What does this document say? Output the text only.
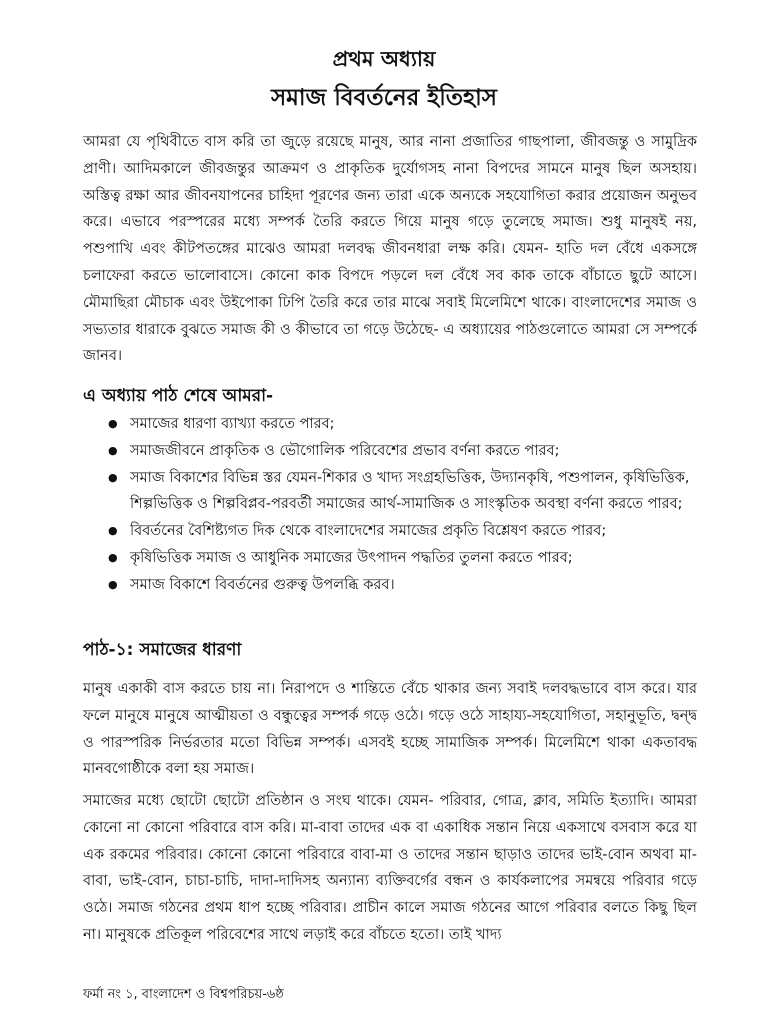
প্রথম অধ্যায়
সমাজ বিবর্তনের ইতিহাস

আমরা যে পৃথিবীতে বাস করি তা জুড়ে রয়েছে মানুষ, আর নানা প্রজাতির গাছপালা, জীবজন্তু ও সামুদ্রিক প্রাণী। আদিমকালে জীবজন্তুর আক্রমণ ও প্রাকৃতিক দুর্যোগসহ নানা বিপদের সামনে মানুষ ছিল অসহায়। অস্তিত্ব রক্ষা আর জীবনযাপনের চাহিদা পূরণের জন্য তারা একে অন্যকে সহযোগিতা করার প্রয়োজন অনুভব করে। এভাবে পরস্পরের মধ্যে সম্পর্ক তৈরি করতে গিয়ে মানুষ গড়ে তুলেছে সমাজ। শুধু মানুষই নয়, পশুপাখি এবং কীটপতঙ্গের মাঝেও আমরা দলবদ্ধ জীবনধারা লক্ষ করি। যেমন- হাতি দল বেঁধে একসঙ্গে চলাফেরা করতে ভালোবাসে। কোনো কাক বিপদে পড়লে দল বেঁধে সব কাক তাকে বাঁচাতে ছুটে আসে। মৌমাছিরা মৌচাক এবং উইপোকা ঢিপি তৈরি করে তার মাঝে সবাই মিলেমিশে থাকে। বাংলাদেশের সমাজ ও সভ্যতার ধারাকে বুঝতে সমাজ কী ও কীভাবে তা গড়ে উঠেছে- এ অধ্যায়ের পাঠগুলোতে আমরা সে সম্পর্কে জানব।

এ অধ্যায় পাঠ শেষে আমরা-
● সমাজের ধারণা ব্যাখ্যা করতে পারব;
● সমাজজীবনে প্রাকৃতিক ও ভৌগোলিক পরিবেশের প্রভাব বর্ণনা করতে পারব;
● সমাজ বিকাশের বিভিন্ন স্তর যেমন-শিকার ও খাদ্য সংগ্রহভিত্তিক, উদ্যানকৃষি, পশুপালন, কৃষিভিত্তিক, শিল্পভিত্তিক ও শিল্পবিপ্লব-পরবর্তী সমাজের আর্থ-সামাজিক ও সাংস্কৃতিক অবস্থা বর্ণনা করতে পারব;
● বিবর্তনের বৈশিষ্ট্যগত দিক থেকে বাংলাদেশের সমাজের প্রকৃতি বিশ্লেষণ করতে পারব;
● কৃষিভিত্তিক সমাজ ও আধুনিক সমাজের উৎপাদন পদ্ধতির তুলনা করতে পারব;
● সমাজ বিকাশে বিবর্তনের গুরুত্ব উপলব্ধি করব।
পাঠ-১: সমাজের ধারণা

মানুষ একাকী বাস করতে চায় না। নিরাপদে ও শান্তিতে বেঁচে থাকার জন্য সবাই দলবদ্ধভাবে বাস করে। যার ফলে মানুষে মানুষে আত্মীয়তা ও বন্ধুত্বের সম্পর্ক গড়ে ওঠে। গড়ে ওঠে সাহায্য-সহযোগিতা, সহানুভূতি, দ্বন্দ্ব ও পারস্পরিক নির্ভরতার মতো বিভিন্ন সম্পর্ক। এসবই হচ্ছে সামাজিক সম্পর্ক। মিলেমিশে থাকা একতাবদ্ধ মানবগোষ্ঠীকে বলা হয় সমাজ।

সমাজের মধ্যে ছোটো ছোটো প্রতিষ্ঠান ও সংঘ থাকে। যেমন- পরিবার, গোত্র, ক্লাব, সমিতি ইত্যাদি। আমরা কোনো না কোনো পরিবারে বাস করি। মা-বাবা তাদের এক বা একাধিক সন্তান নিয়ে একসাথে বসবাস করে যা এক রকমের পরিবার। কোনো কোনো পরিবারে বাবা-মা ও তাদের সন্তান ছাড়াও তাদের ভাই-বোন অথবা মা-বাবা, ভাই-বোন, চাচা-চাচি, দাদা-দাদিসহ অন্যান্য ব্যক্তিবর্গের বন্ধন ও কার্যকলাপের সমন্বয়ে পরিবার গড়ে ওঠে। সমাজ গঠনের প্রথম ধাপ হচ্ছে পরিবার। প্রাচীন কালে সমাজ গঠনের আগে পরিবার বলতে কিছু ছিল না। মানুষকে প্রতিকূল পরিবেশের সাথে লড়াই করে বাঁচতে হতো। তাই খাদ্য

ফর্মা নং ১, বাংলাদেশ ও বিশ্বপরিচয়-৬ষ্ঠ
